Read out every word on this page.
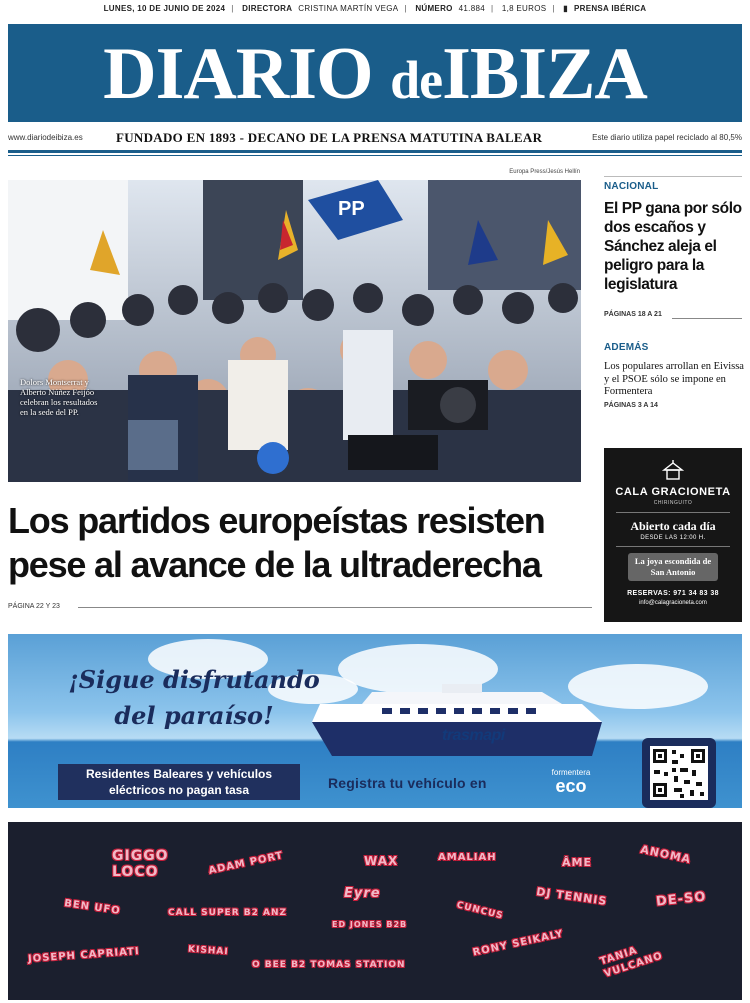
LUNES, 10 DE JUNIO DE 2024 | DIRECTORA CRISTINA MARTÍN VEGA | NÚMERO 41.884 | 1,8 EUROS | ▮ PRENSA IBÉRICA
DIARIO deIBIZA
www.diariodeibiza.es	FUNDADO EN 1893 - DECANO DE LA PRENSA MATUTINA BALEAR	Este diario utiliza papel reciclado al 80,5%
Europa Press/Jesús Hellín
PP
Dolors Montserrat y Alberto Núñez Feijóo celebran los resultados en la sede del PP.
Los partidos europeístas resisten
pese al avance de la ultraderecha
PÁGINA 22 Y 23
NACIONAL
El PP gana por sólo dos escaños y Sánchez aleja el peligro para la legislatura
PÁGINAS 18 A 21
ADEMÁS
Los populares arrollan en Eivissa y el PSOE sólo se impone en Formentera
PÁGINAS 3 A 14
CALA GRACIONETA
CHIRINGUITO
Abierto cada día
DESDE LAS 12:00 H.
La joya escondida de San Antonio
RESERVAS: 971 34 83 38
info@calagracioneta.com
¡Sigue disfrutando
del paraíso!
trasmapi
Residentes Baleares y vehículos eléctricos no pagan tasa	Registra tu vehículo en
formentera
eco
GIGGO LOCO	ADAM PORT	WAX	AMALIAH	ÂME	ANOMA
Eyre
BEN UFO	CALL SUPER B2 ANZ	CUNCUS
DJ TENNIS	DE-SO
ED JONES B2B
JOSEPH CAPRIATI	KISHAI
O BEE B2 TOMAS STATION
RONY SEIKALY	TANIA VULCANO
